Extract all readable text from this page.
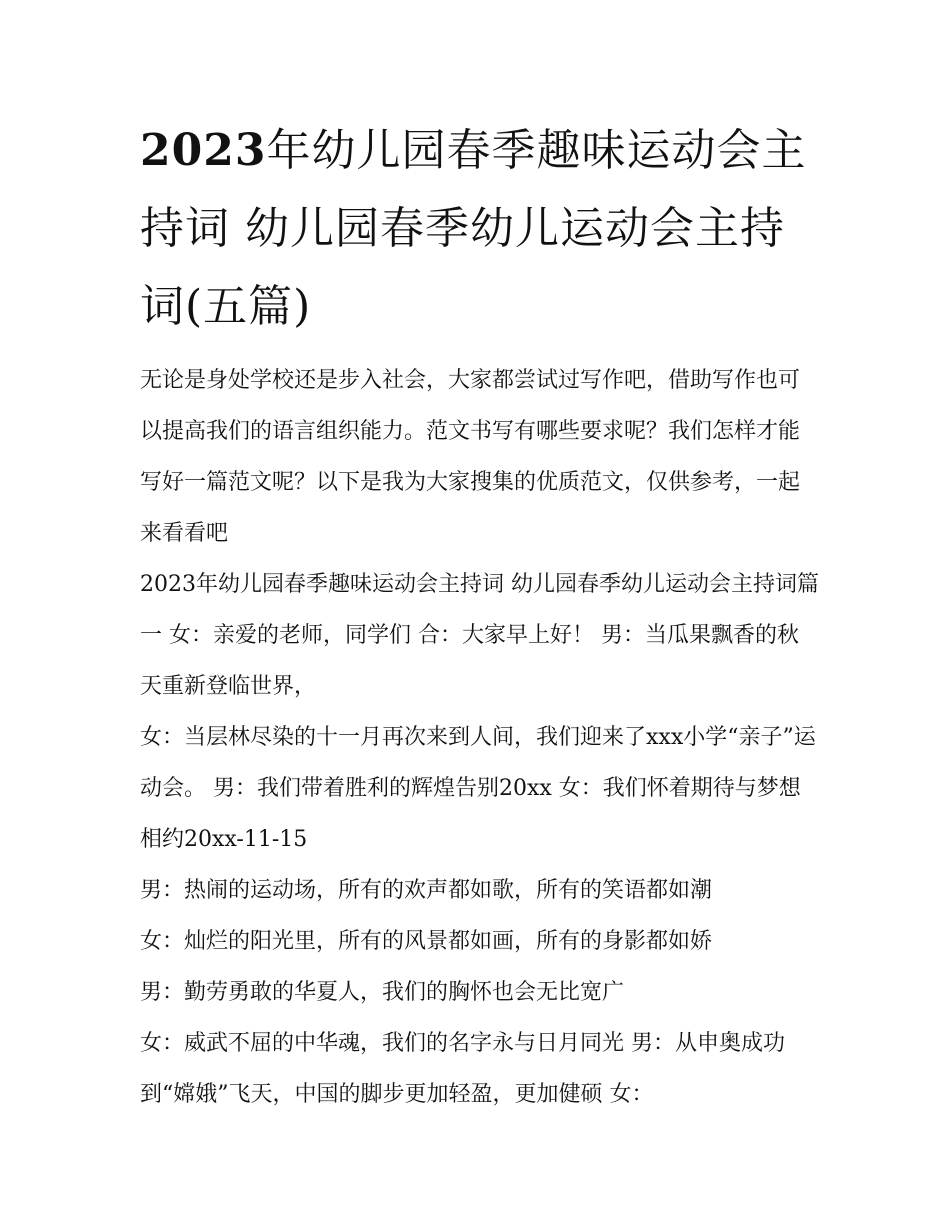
2023年幼儿园春季趣味运动会主持词 幼儿园春季幼儿运动会主持词(五篇)

无论是身处学校还是步入社会，大家都尝试过写作吧，借助写作也可以提高我们的语言组织能力。范文书写有哪些要求呢？我们怎样才能写好一篇范文呢？以下是我为大家搜集的优质范文，仅供参考，一起来看看吧

2023年幼儿园春季趣味运动会主持词 幼儿园春季幼儿运动会主持词篇一 女：亲爱的老师，同学们 合：大家早上好！ 男：当瓜果飘香的秋天重新登临世界，

女：当层林尽染的十一月再次来到人间，我们迎来了xxx小学“亲子”运动会。 男：我们带着胜利的辉煌告别20xx 女：我们怀着期待与梦想相约20xx-11-15

男：热闹的运动场，所有的欢声都如歌，所有的笑语都如潮

女：灿烂的阳光里，所有的风景都如画，所有的身影都如娇

男：勤劳勇敢的华夏人，我们的胸怀也会无比宽广

女：威武不屈的中华魂，我们的名字永与日月同光 男：从申奥成功到“嫦娥”飞天，中国的脚步更加轻盈，更加健硕 女：
